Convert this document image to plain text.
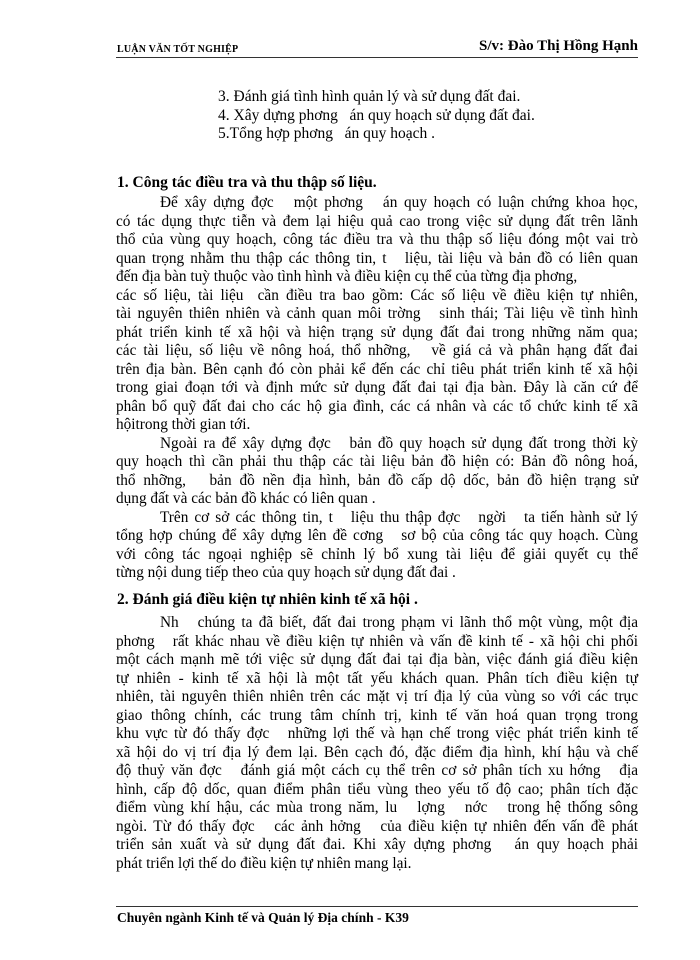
LUẬN VĂN TỐT NGHIỆP	S/v: Đào Thị Hồng Hạnh
3. Đánh giá tình hình quản lý và sử dụng đất đai.
4. Xây dựng phơng   án quy hoạch sử dụng đất đai.
5.Tổng hợp phơng   án quy hoạch .
1. Công tác điều tra và thu thập số liệu.
Để xây dựng đợc   một phơng   án quy hoạch có luận chứng khoa học,
có tác dụng thực tiễn và đem lại hiệu quả cao trong việc sử dụng đất trên lãnh
thổ của vùng quy hoạch, công tác điều tra và thu thập số liệu đóng một vai trò
quan trọng nhằm thu thập các thông tin, t   liệu, tài liệu và bản đồ có liên quan
đến địa bàn tuỳ thuộc vào tình hình và điều kiện cụ thể của từng địa phơng,
các số liệu, tài liệu  cần điều tra bao gồm: Các số liệu về điều kiện tự nhiên,
tài nguyên thiên nhiên và cảnh quan môi trờng   sinh thái; Tài liệu về tình hình
phát triển kinh tế xã hội và hiện trạng sử dụng đất đai trong những năm qua;
các tài liệu, số liệu về nông hoá, thổ nhỡng,   về giá cả và phân hạng đất đai
trên địa bàn. Bên cạnh đó còn phải kể đến các chỉ tiêu phát triển kinh tế xã hội
trong giai đoạn tới và định mức sử dụng đất đai tại địa bàn. Đây là căn cứ để
phân bổ quỹ đất đai cho các hộ gia đình, các cá nhân và các tổ chức kinh tế xã
hộitrong thời gian tới.
Ngoài ra để xây dựng đợc   bản đồ quy hoạch sử dụng đất trong thời kỳ
quy hoạch thì cần phải thu thập các tài liệu bản đồ hiện có: Bản đồ nông hoá,
thổ nhỡng,   bản đồ nền địa hình, bản đồ cấp dộ dốc, bản đồ hiện trạng sử
dụng đất và các bản đồ khác có liên quan .
Trên cơ sở các thông tin, t   liệu thu thập đợc   ngời   ta tiến hành sử lý
tổng hợp chúng để xây dựng lên đề cơng   sơ bộ của công tác quy hoạch. Cùng
với công tác ngoại nghiệp sẽ chỉnh lý bổ xung tài liệu để giải quyết cụ thể
từng nội dung tiếp theo của quy hoạch sử dụng đất đai .
2. Đánh giá điều kiện tự nhiên kinh tế xã hội .
Nh   chúng ta đã biết, đất đai trong phạm vi lãnh thổ một vùng, một địa
phơng   rất khác nhau về điều kiện tự nhiên và vấn đề kinh tế - xã hội chi phối
một cách mạnh mẽ tới việc sử dụng đất đai tại địa bàn, việc đánh giá điều kiện
tự nhiên - kinh tế xã hội là một tất yếu khách quan. Phân tích điều kiện tự
nhiên, tài nguyên thiên nhiên trên các mặt vị trí địa lý của vùng so với các trục
giao thông chính, các trung tâm chính trị, kinh tế văn hoá quan trọng trong
khu vực từ đó thấy đợc   những lợi thế và hạn chế trong việc phát triển kinh tế
xã hội do vị trí địa lý đem lại. Bên cạch đó, đặc điểm địa hình, khí hậu và chế
độ thuỷ văn đợc   đánh giá một cách cụ thể trên cơ sở phân tích xu hớng   địa
hình, cấp độ dốc, quan điểm phân tiểu vùng theo yếu tố độ cao; phân tích đặc
điểm vùng khí hậu, các mùa trong năm, lu   lợng   nớc   trong hệ thống sông
ngòi. Từ đó thấy đợc   các ảnh hởng   của điều kiện tự nhiên đến vấn đề phát
triển sản xuất và sử dụng đất đai. Khi xây dựng phơng   án quy hoạch phải
phát triển lợi thế do điều kiện tự nhiên mang lại.
Chuyên ngành Kinh tế và Quản lý Địa chính - K39
